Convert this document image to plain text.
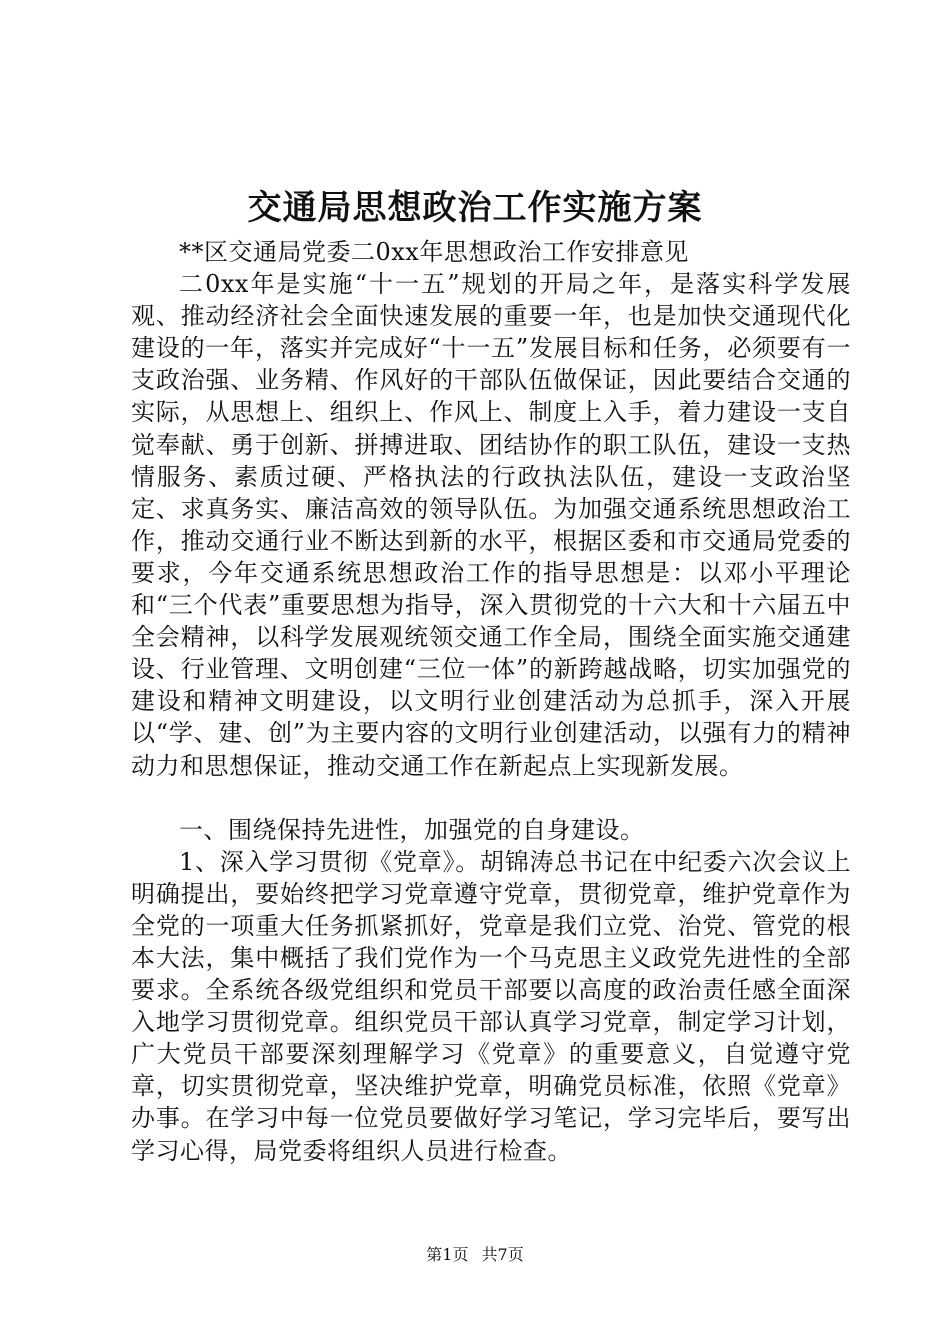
交通局思想政治工作实施方案

**区交通局党委二0xx年思想政治工作安排意见

二0xx年是实施“十一五”规划的开局之年，是落实科学发展观、推动经济社会全面快速发展的重要一年，也是加快交通现代化建设的一年，落实并完成好“十一五”发展目标和任务，必须要有一支政治强、业务精、作风好的干部队伍做保证，因此要结合交通的实际，从思想上、组织上、作风上、制度上入手，着力建设一支自觉奉献、勇于创新、拼搏进取、团结协作的职工队伍，建设一支热情服务、素质过硬、严格执法的行政执法队伍，建设一支政治坚定、求真务实、廉洁高效的领导队伍。为加强交通系统思想政治工作，推动交通行业不断达到新的水平，根据区委和市交通局党委的要求，今年交通系统思想政治工作的指导思想是：以邓小平理论和“三个代表”重要思想为指导，深入贯彻党的十六大和十六届五中全会精神，以科学发展观统领交通工作全局，围绕全面实施交通建设、行业管理、文明创建“三位一体”的新跨越战略，切实加强党的建设和精神文明建设，以文明行业创建活动为总抓手，深入开展以“学、建、创”为主要内容的文明行业创建活动，以强有力的精神动力和思想保证，推动交通工作在新起点上实现新发展。

一、围绕保持先进性，加强党的自身建设。

1、深入学习贯彻《党章》。胡锦涛总书记在中纪委六次会议上明确提出，要始终把学习党章遵守党章，贯彻党章，维护党章作为全党的一项重大任务抓紧抓好，党章是我们立党、治党、管党的根本大法，集中概括了我们党作为一个马克思主义政党先进性的全部要求。全系统各级党组织和党员干部要以高度的政治责任感全面深入地学习贯彻党章。组织党员干部认真学习党章，制定学习计划，广大党员干部要深刻理解学习《党章》的重要意义，自觉遵守党章，切实贯彻党章，坚决维护党章，明确党员标准，依照《党章》办事。在学习中每一位党员要做好学习笔记，学习完毕后，要写出学习心得，局党委将组织人员进行检查。

第1页 共7页
